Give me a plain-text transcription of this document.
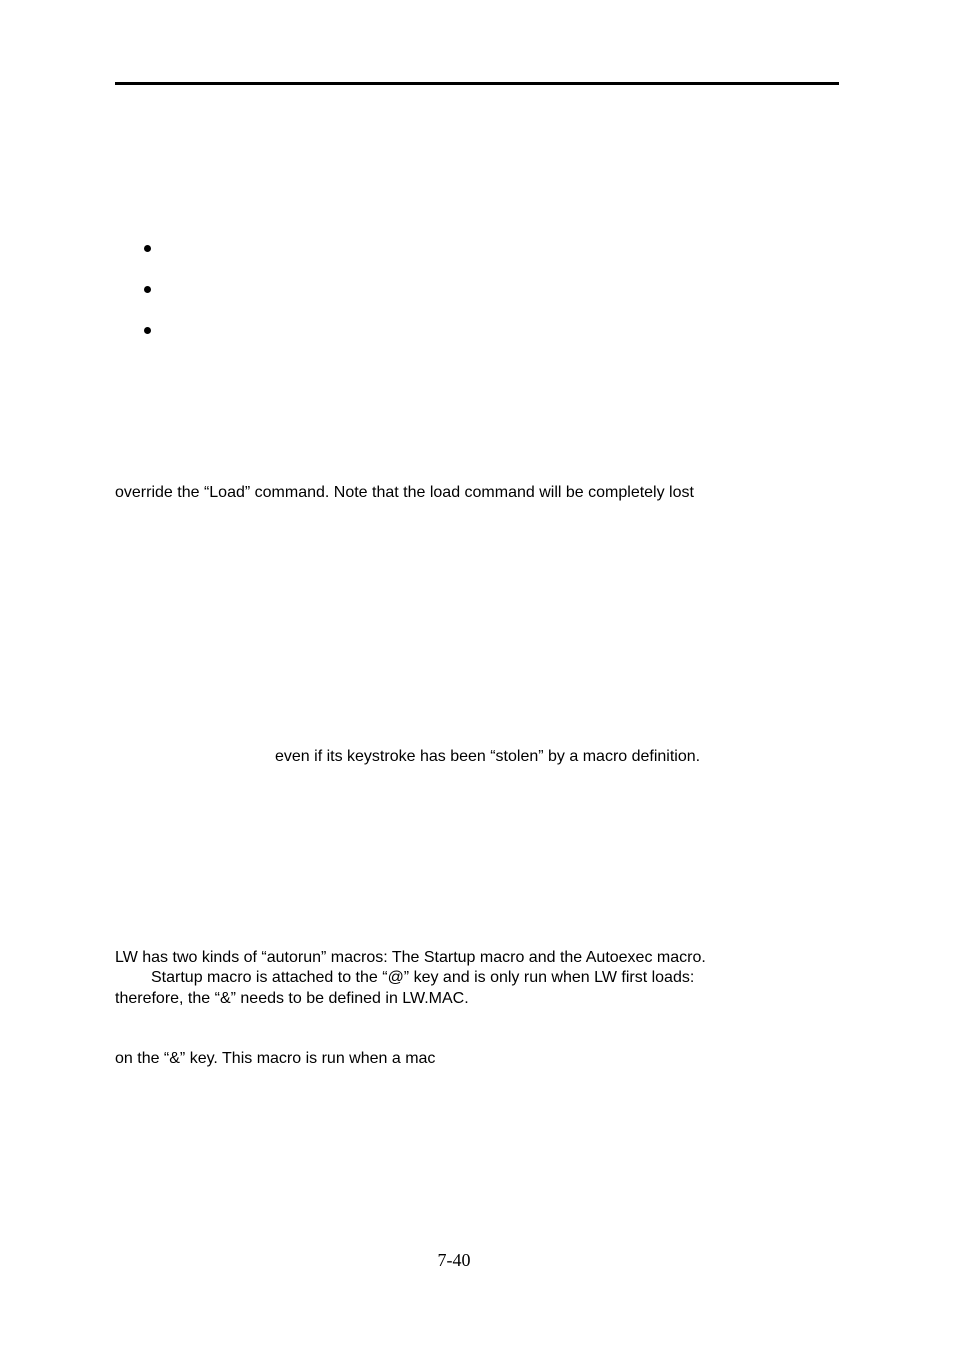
override the “Load” command. Note that the load command will be completely lost
even if its keystroke has been “stolen” by a macro definition.
LW has two kinds of “autorun” macros: The Startup macro and the Autoexec macro.
Startup macro is attached to the “@” key and is only run when LW first loads:
therefore, the “&” needs to be defined in LW.MAC.
on the “&” key. This macro is run when a mac
7-40
